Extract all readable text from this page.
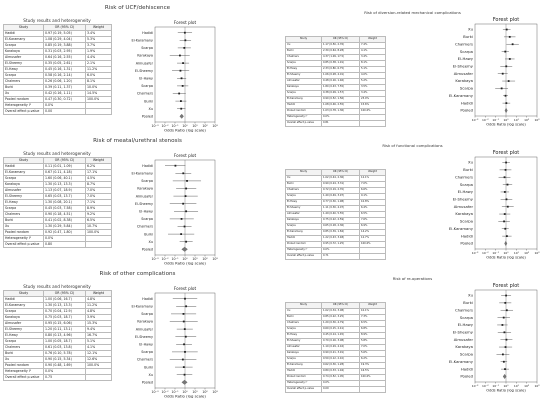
Risk of UCF/dehiscence
Study results and heterogeneity
Study	OR (95% CI)	Weight
Hadidi	0.97 (0.19, 5.05)	3.4%
El-Karamany	1.08 (0.29, 4.04)	5.3%
Scarpa	0.85 (0.19, 3.88)	3.7%
Karakaya	0.31 (0.03, 2.95)	1.9%
Almusafer	0.64 (0.16, 2.55)	4.4%
El-Sheemy	0.35 (0.05, 2.61)	2.1%
El-Hawy	0.45 (0.16, 1.31)	11.2%
Scarpa	0.58 (0.16, 2.14)	6.0%
Chalmers	0.26 (0.06, 1.20)	8.1%
Burki	0.39 (0.11, 1.37)	10.0%
Xu	0.42 (0.16, 1.11)	14.5%
Pooled random	0.47 (0.30, 0.72)	100.0%
Heterogeneity I²	0.0%	
Overall effect p-value	0.00	
Forest plot
Hadidi
El-Karamany
Scarpa
Karakaya
Almusafer
El-Sheemy
El-Hawy
Scarpa
Chalmers
Burki
Xu
Pooled
10⁻³ 10⁻² 10⁻¹ 10⁰ 10¹ 10² 10³
Odds Ratio (log scale)
Risk of diversion-related mechanical complications
Study	OR (95% CI)	Weight
Xu	1.17 (0.50, 2.76)	7.4%
Burki	2.30 (0.64, 8.28)	4.1%
Chalmers	4.37 (1.09, 17.5)	3.4%
Scarpa	0.85 (0.38, 1.91)	8.1%
El-Hawy	2.33 (0.80, 6.75)	5.1%
El-Sheemy	1.06 (0.28, 4.01)	4.0%
Almusafer	0.48 (0.16, 1.46)	5.2%
Karakaya	1.80 (0.43, 7.55)	3.5%
Scarpa	0.38 (0.09, 1.57)	3.4%
El-Karamany	0.90 (0.52, 1.56)	23.0%
Hadidi	1.08 (0.46, 2.55)	15.6%
Pooled random	1.03 (0.78, 1.36)	100.0%
Heterogeneity I²	0.0%	
Overall effect p-value	0.81	
Forest plot
Xu
Burki
Chalmers
Scarpa
El-Hawy
El-Sheemy
Almusafer
Karakaya
Scarpa
El-Karamany
Hadidi
Pooled
10⁻³ 10⁻² 10⁻¹ 10⁰ 10¹ 10² 10³
Odds Ratio (log scale)
Risk of meatal/urethral stenosis
Study results and heterogeneity
Study	OR (95% CI)	Weight
Hadidi	0.11 (0.01, 1.09)	6.2%
El-Karamany	0.67 (0.11, 4.18)	17.1%
Scarpa	1.60 (0.06, 40.1)	4.5%
Karakaya	1.30 (0.13, 13.3)	8.7%
Almusafer	1.13 (0.07, 18.9)	7.0%
El-Sheemy	0.65 (0.03, 13.7)	7.0%
El-Hawy	1.30 (0.08, 20.1)	7.1%
Scarpa	0.45 (0.03, 7.58)	8.9%
Chalmers	0.90 (0.18, 4.51)	9.2%
Burki	0.41 (0.02, 8.38)	6.5%
Xu	1.30 (0.29, 5.84)	10.7%
Pooled random	0.92 (0.47, 1.80)	100.0%
Heterogeneity I²	0.0%	
Overall effect p-value	0.80	
Forest plot
Hadidi
El-Karamany
Scarpa
Karakaya
Almusafer
El-Sheemy
El-Hawy
Scarpa
Chalmers
Burki
Xu
Pooled
10⁻³ 10⁻² 10⁻¹ 10⁰ 10¹ 10² 10³
Odds Ratio (log scale)
Risk of functional complications
Study	OR (95% CI)	Weight
Xu	1.02 (0.44, 2.36)	12.1%
Burki	0.90 (0.24, 3.31)	7.0%
Chalmers	0.72 (0.19, 2.70)	6.6%
Scarpa	1.40 (0.49, 3.97)	9.1%
El-Hawy	0.77 (0.30, 1.98)	10.8%
El-Sheemy	1.11 (0.30, 4.07)	6.4%
Almusafer	1.49 (0.40, 5.55)	6.5%
Karakaya	0.75 (0.22, 2.59)	7.6%
Scarpa	0.65 (0.18, 2.36)	6.9%
El-Karamany	0.85 (0.39, 1.84)	14.2%
Hadidi	1.22 (0.43, 3.48)	12.7%
Pooled random	0.95 (0.72, 1.25)	100.0%
Heterogeneity I²	0.0%	
Overall effect p-value	0.71	
Forest plot
Xu
Burki
Chalmers
Scarpa
El-Hawy
El-Sheemy
Almusafer
Karakaya
Scarpa
El-Karamany
Hadidi
Pooled
10⁻³ 10⁻² 10⁻¹ 10⁰ 10¹ 10² 10³
Odds Ratio (log scale)
Risk of other complications
Study results and heterogeneity
Study	OR (95% CI)	Weight
Hadidi	1.00 (0.06, 16.7)	4.8%
El-Karamany	1.30 (0.13, 13.3)	11.2%
Scarpa	0.70 (0.04, 12.9)	4.8%
Karakaya	0.75 (0.03, 18.7)	3.9%
Almusafer	0.95 (0.15, 6.06)	15.3%
El-Sheemy	1.20 (0.11, 13.1)	9.4%
El-Hawy	0.80 (0.13, 4.96)	16.7%
Scarpa	1.00 (0.05, 18.7)	5.1%
Chalmers	0.61 (0.03, 13.8)	4.1%
Burki	0.76 (0.10, 5.78)	12.1%
Xu	0.90 (0.15, 5.34)	12.6%
Pooled random	0.90 (0.48, 1.69)	100.0%
Heterogeneity I²	0.0%	
Overall effect p-value	0.75	
Forest plot
Hadidi
El-Karamany
Scarpa
Karakaya
Almusafer
El-Sheemy
El-Hawy
Scarpa
Chalmers
Burki
Xu
Pooled
10⁻³ 10⁻² 10⁻¹ 10⁰ 10¹ 10² 10³
Odds Ratio (log scale)
Risk of re-operations
Study	OR (95% CI)	Weight
Xu	1.02 (0.34, 3.08)	10.1%
Burki	0.85 (0.22, 3.25)	7.3%
Chalmers	1.20 (0.30, 4.79)	6.5%
Scarpa	0.60 (0.15, 2.41)	6.8%
El-Hawy	0.45 (0.14, 1.45)	8.9%
El-Sheemy	0.70 (0.16, 3.08)	5.8%
Almusafer	1.10 (0.29, 4.16)	7.0%
Karakaya	0.90 (0.21, 3.91)	5.6%
Scarpa	0.50 (0.12, 2.10)	6.2%
El-Karamany	0.62 (0.30, 1.28)	19.3%
Hadidi	0.80 (0.33, 1.94)	16.5%
Pooled random	0.74 (0.52, 1.05)	100.0%
Heterogeneity I²	0.0%	
Overall effect p-value	0.09	
Forest plot
Xu
Burki
Chalmers
Scarpa
El-Hawy
El-Sheemy
Almusafer
Karakaya
Scarpa
El-Karamany
Hadidi
Pooled
10⁻³ 10⁻² 10⁻¹ 10⁰ 10¹ 10² 10³
Odds Ratio (log scale)
